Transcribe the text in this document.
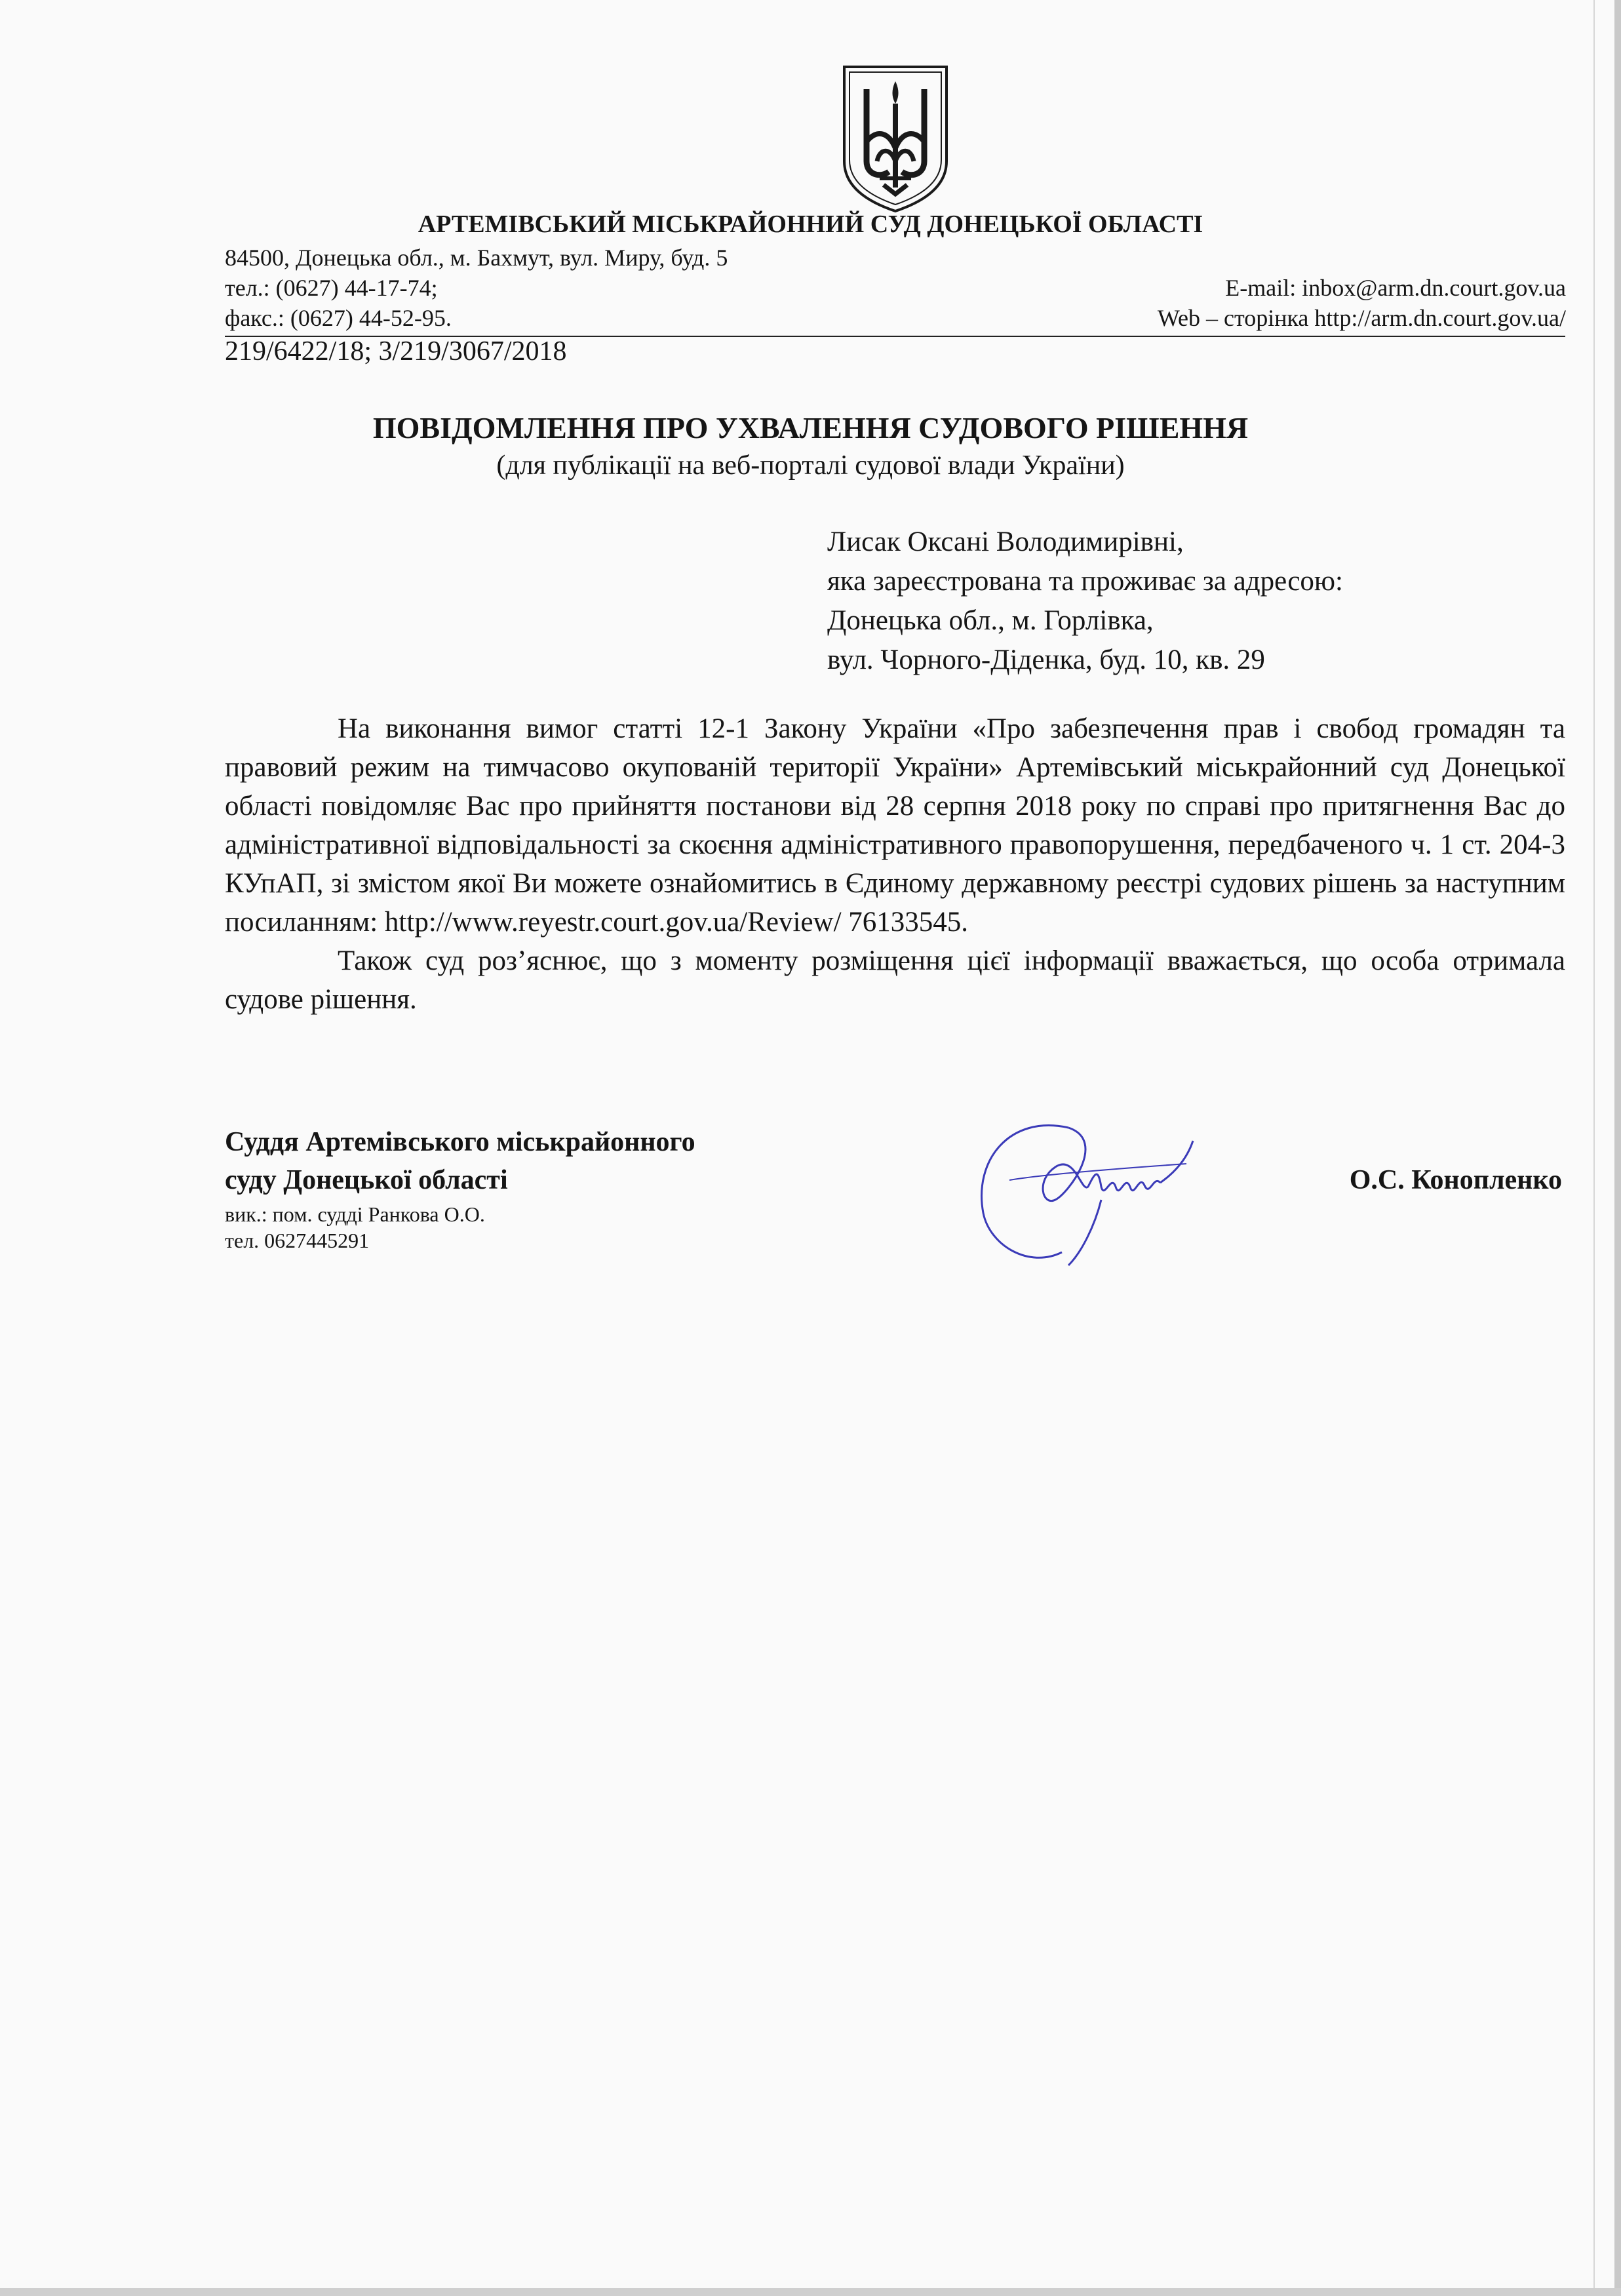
АРТЕМІВСЬКИЙ МІСЬКРАЙОННИЙ СУД ДОНЕЦЬКОЇ ОБЛАСТІ
84500, Донецька обл., м. Бахмут, вул. Миру, буд. 5
тел.: (0627) 44-17-74;
факс.: (0627) 44-52-95.
E-mail: inbox@arm.dn.court.gov.ua
Web – сторінка http://arm.dn.court.gov.ua/
219/6422/18; 3/219/3067/2018
ПОВІДОМЛЕННЯ ПРО УХВАЛЕННЯ СУДОВОГО РІШЕННЯ
(для публікації на веб-порталі судової влади України)
Лисак Оксані Володимирівні,
яка зареєстрована та проживає за адресою:
Донецька обл., м. Горлівка,
вул. Чорного-Діденка, буд. 10, кв. 29

На виконання вимог статті 12-1 Закону України «Про забезпечення прав і свобод громадян та правовий режим на тимчасово окупованій території України» Артемівський міськрайонний суд Донецької області повідомляє Вас про прийняття постанови від 28 серпня 2018 року по справі про притягнення Вас до адміністративної відповідальності за скоєння адміністративного правопорушення, передбаченого ч. 1 ст. 204-3 КУпАП, зі змістом якої Ви можете ознайомитись в Єдиному державному реєстрі судових рішень за наступним посиланням: http://www.reyestr.court.gov.ua/Review/ 76133545.

Також суд роз’яснює, що з моменту розміщення цієї інформації вважається, що особа отримала судове рішення.

Суддя Артемівського міськрайонного
суду Донецької області
вик.: пом. судді Ранкова О.О.
тел. 0627445291
О.С. Конопленко
